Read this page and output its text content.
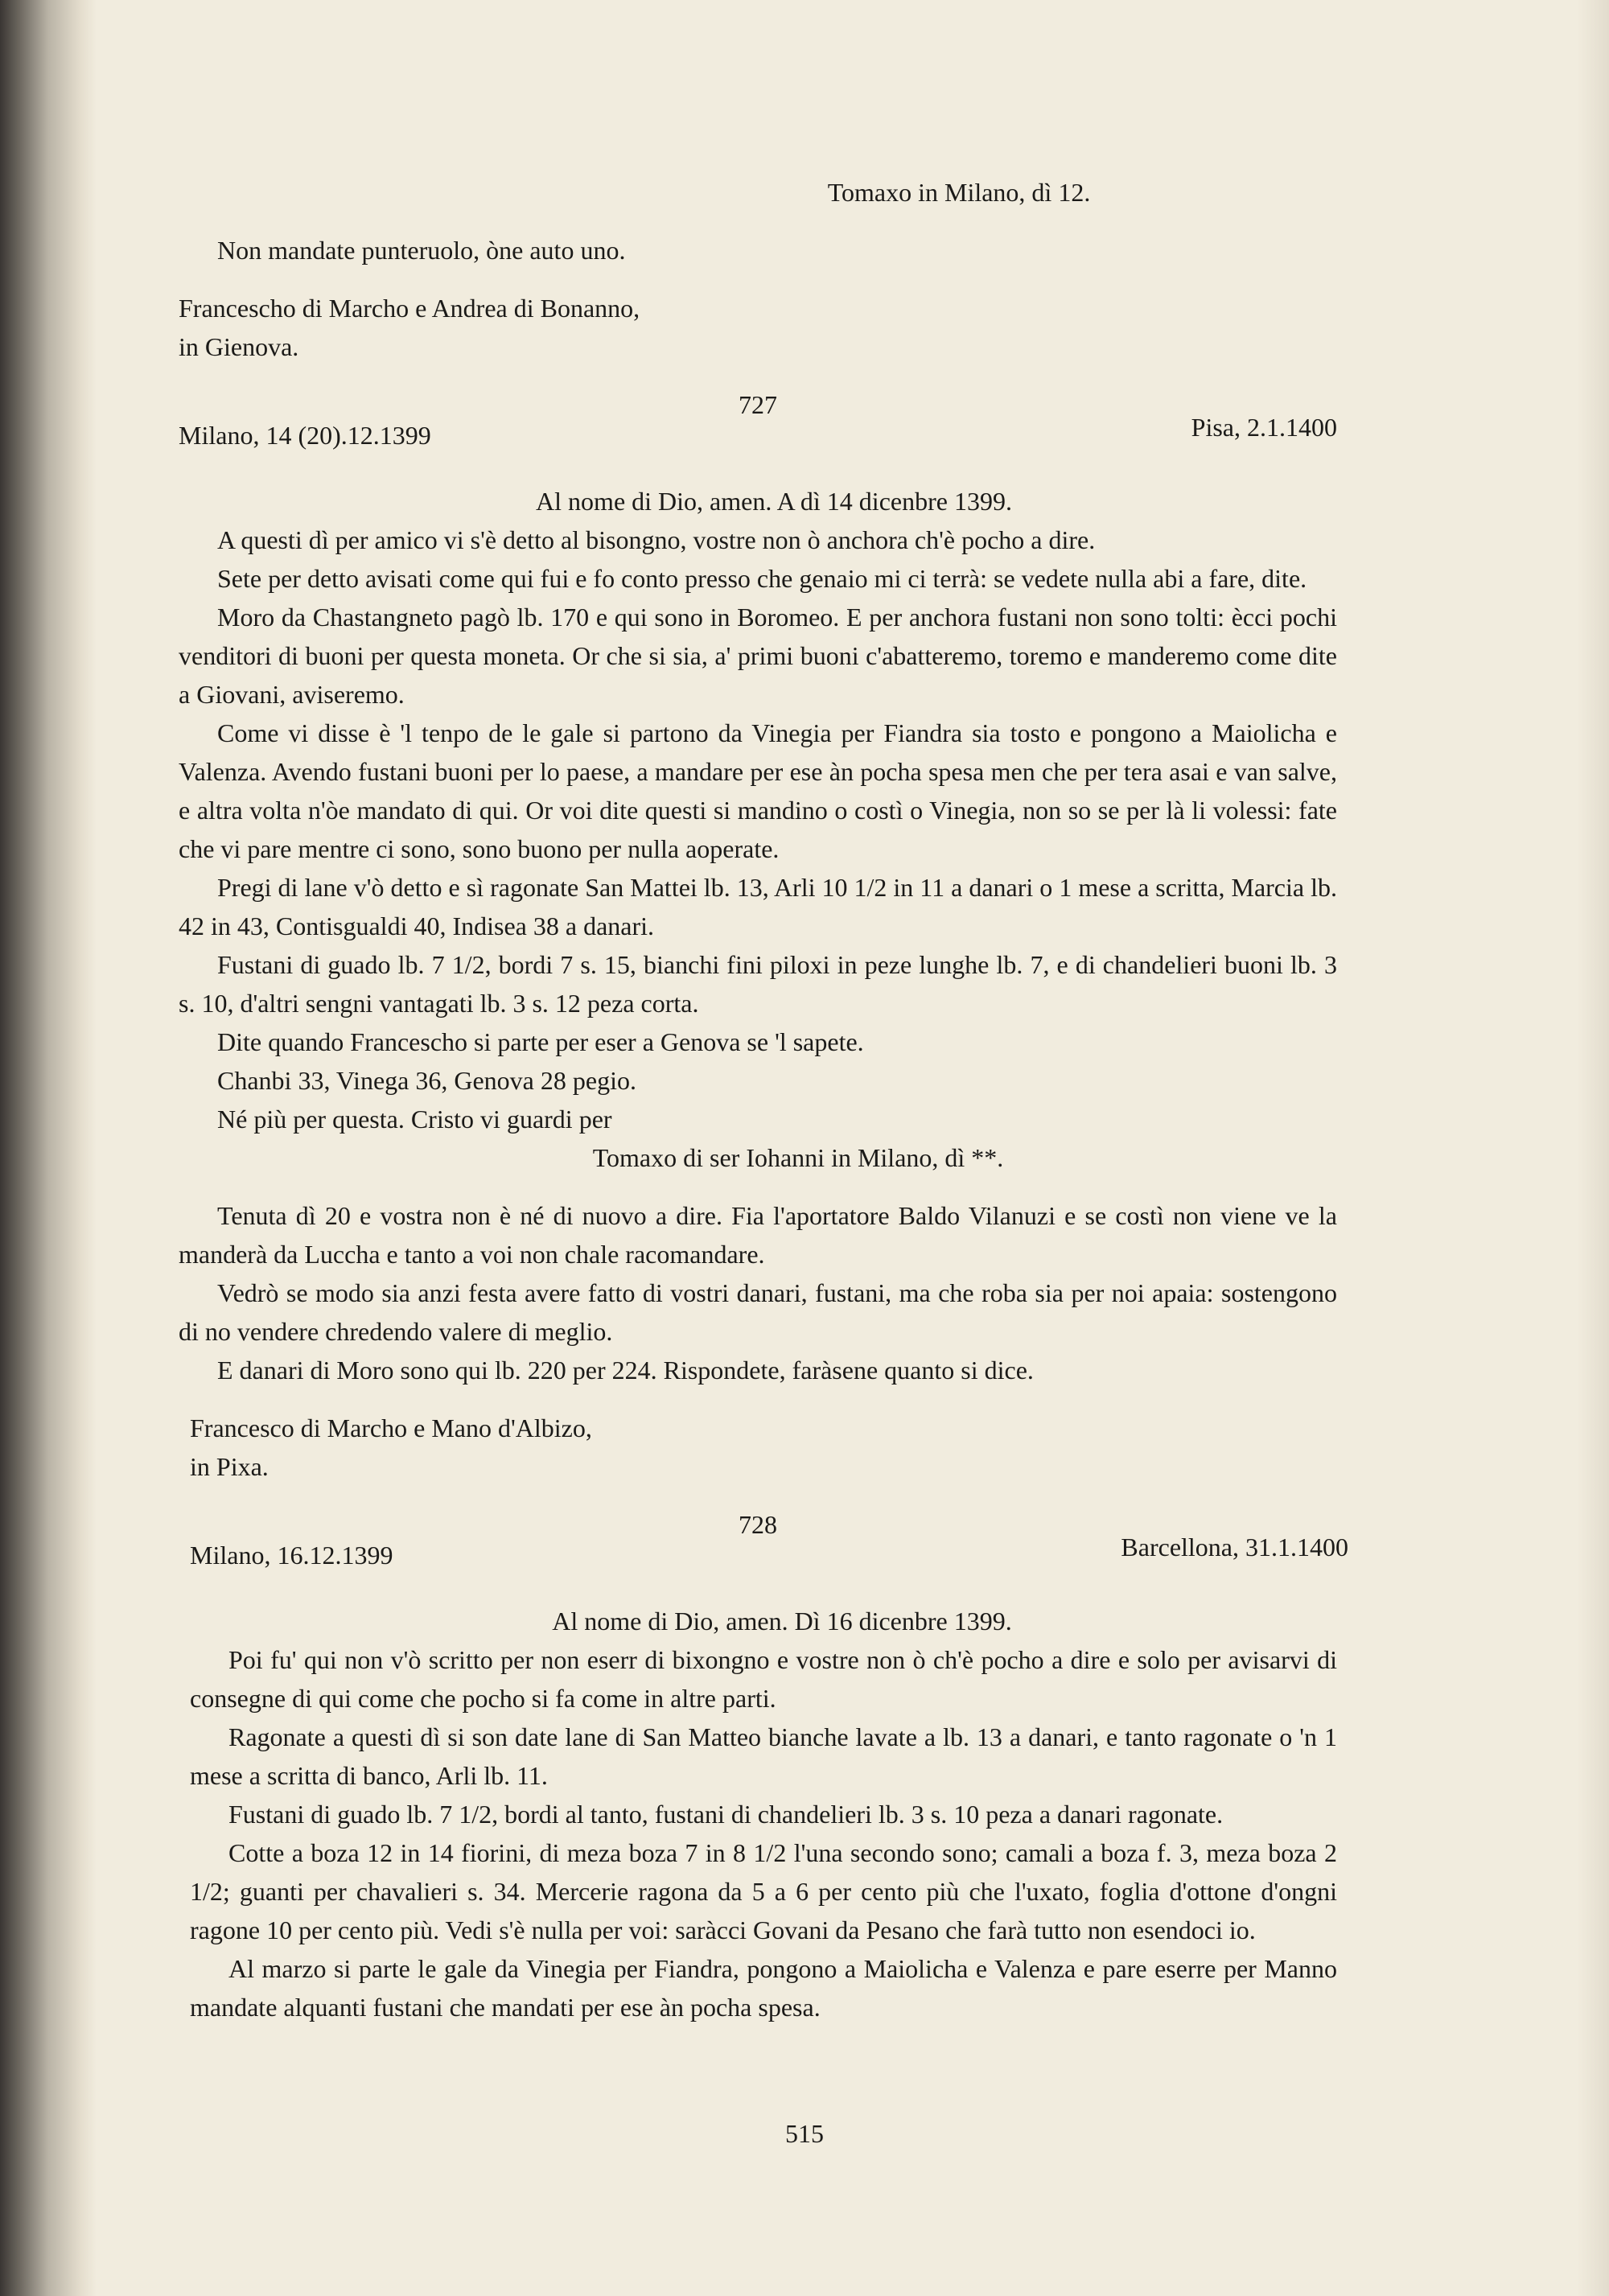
Tomaxo in Milano, dì 12.

Non mandate punteruolo, òne auto uno.

Francescho di Marcho e Andrea di Bonanno,

in Gienova.

727
Milano, 14 (20).12.1399	Pisa, 2.1.1400

Al nome di Dio, amen. A dì 14 dicenbre 1399.

A questi dì per amico vi s'è detto al bisongno, vostre non ò anchora ch'è pocho a dire.

Sete per detto avisati come qui fui e fo conto presso che genaio mi ci terrà: se vedete nulla abi a fare, dite.

Moro da Chastangneto pagò lb. 170 e qui sono in Boromeo. E per anchora fustani non sono tolti: ècci pochi venditori di buoni per questa moneta. Or che si sia, a' primi buoni c'abatteremo, toremo e manderemo come dite a Giovani, aviseremo.

Come vi disse è 'l tenpo de le gale si partono da Vinegia per Fiandra sia tosto e pongono a Maiolicha e Valenza. Avendo fustani buoni per lo paese, a mandare per ese àn pocha spesa men che per tera asai e van salve, e altra volta n'òe mandato di qui. Or voi dite questi si mandino o costì o Vinegia, non so se per là li volessi: fate che vi pare mentre ci sono, sono buono per nulla aoperate.

Pregi di lane v'ò detto e sì ragonate San Mattei lb. 13, Arli 10 1/2 in 11 a danari o 1 mese a scritta, Marcia lb. 42 in 43, Contisgualdi 40, Indisea 38 a danari.

Fustani di guado lb. 7 1/2, bordi 7 s. 15, bianchi fini piloxi in peze lunghe lb. 7, e di chandelieri buoni lb. 3 s. 10, d'altri sengni vantagati lb. 3 s. 12 peza corta.

Dite quando Francescho si parte per eser a Genova se 'l sapete.

Chanbi 33, Vinega 36, Genova 28 pegio.

Né più per questa. Cristo vi guardi per

Tomaxo di ser Iohanni in Milano, dì **.

Tenuta dì 20 e vostra non è né di nuovo a dire. Fia l'aportatore Baldo Vilanuzi e se costì non viene ve la manderà da Luccha e tanto a voi non chale racomandare.

Vedrò se modo sia anzi festa avere fatto di vostri danari, fustani, ma che roba sia per noi apaia: sostengono di no vendere chredendo valere di meglio.

E danari di Moro sono qui lb. 220 per 224. Rispondete, faràsene quanto si dice.

Francesco di Marcho e Mano d'Albizo,

in Pixa.

728
Milano, 16.12.1399	Barcellona, 31.1.1400

Al nome di Dio, amen. Dì 16 dicenbre 1399.

Poi fu' qui non v'ò scritto per non eserr di bixongno e vostre non ò ch'è pocho a dire e solo per avisarvi di consegne di qui come che pocho si fa come in altre parti.

Ragonate a questi dì si son date lane di San Matteo bianche lavate a lb. 13 a danari, e tanto ragonate o 'n 1 mese a scritta di banco, Arli lb. 11.

Fustani di guado lb. 7 1/2, bordi al tanto, fustani di chandelieri lb. 3 s. 10 peza a danari ragonate.

Cotte a boza 12 in 14 fiorini, di meza boza 7 in 8 1/2 l'una secondo sono; camali a boza f. 3, meza boza 2 1/2; guanti per chavalieri s. 34. Mercerie ragona da 5 a 6 per cento più che l'uxato, foglia d'ottone d'ongni ragone 10 per cento più. Vedi s'è nulla per voi: saràcci Govani da Pesano che farà tutto non esendoci io.

Al marzo si parte le gale da Vinegia per Fiandra, pongono a Maiolicha e Valenza e pare eserre per Manno mandate alquanti fustani che mandati per ese àn pocha spesa.

515
